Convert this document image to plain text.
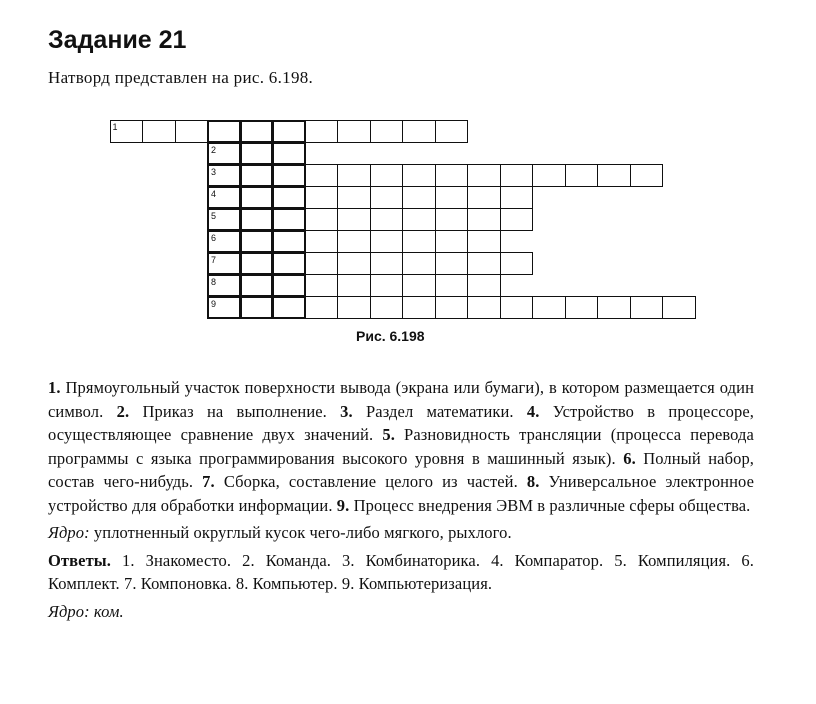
Задание 21
Натворд представлен на рис. 6.198.
1
2
3
4
5
6
7
8
9
Рис. 6.198

1. Прямоугольный участок поверхности вывода (экрана или бумаги), в котором размещается один символ. 2. Приказ на выполнение. 3. Раздел математики. 4. Устройство в процессоре, осуществляющее сравнение двух значений. 5. Разновидность трансляции (процесса перевода программы с языка программирования высокого уровня в машинный язык). 6. Полный набор, состав чего-нибудь. 7. Сборка, составление целого из частей. 8. Универсальное электронное устройство для обработки информации. 9. Процесс внедрения ЭВМ в различные сферы общества.

Ядро: уплотненный округлый кусок чего-либо мягкого, рыхлого.

Ответы. 1. Знакоместо. 2. Команда. 3. Комбинаторика. 4. Компаратор. 5. Компиляция. 6. Комплект. 7. Компоновка. 8. Компьютер. 9. Компьютеризация.

Ядро: ком.
